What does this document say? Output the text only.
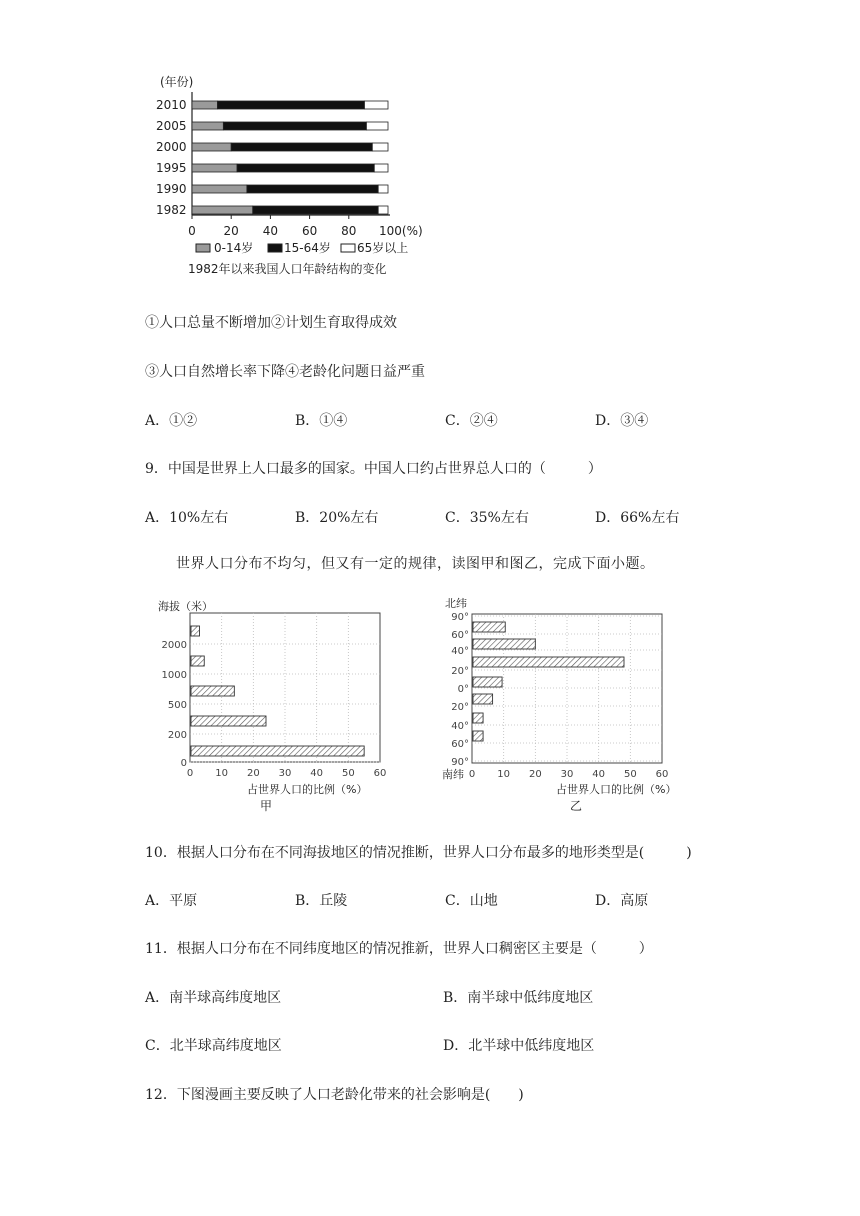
(年份)
2010
2005
2000
1995
1990
1982
0 20 40 60 80 100(%)
0-14岁	15-64岁 65岁以上
1982年以来我国人口年龄结构的变化
①人口总量不断增加②计划生育取得成效
③人口自然增长率下降④老龄化问题日益严重
A．①②	B．①④	C．②④	D．③④
9．中国是世界上人口最多的国家。中国人口约占世界总人口的（　　　）
A．10%左右	B．20%左右	C．35%左右	D．66%左右
世界人口分布不均匀，但又有一定的规律，读图甲和图乙，完成下面小题。
海拔（米）
2000
1000
500
200
0
0 10 20 30 40 50 60
占世界人口的比例（%）
甲
北纬
90°
60°
40°
20°
0°
20°
40°
60°
90°
0 10 20 30 40 50 60
南纬
占世界人口的比例（%）
乙
10．根据人口分布在不同海拔地区的情况推断，世界人口分布最多的地形类型是(　　　)
A．平原	B．丘陵	C．山地	D．高原
11．根据人口分布在不同纬度地区的情况推新，世界人口稠密区主要是（　　　）
A．南半球高纬度地区	B．南半球中低纬度地区
C．北半球高纬度地区	D．北半球中低纬度地区
12．下图漫画主要反映了人口老龄化带来的社会影响是(　　)
